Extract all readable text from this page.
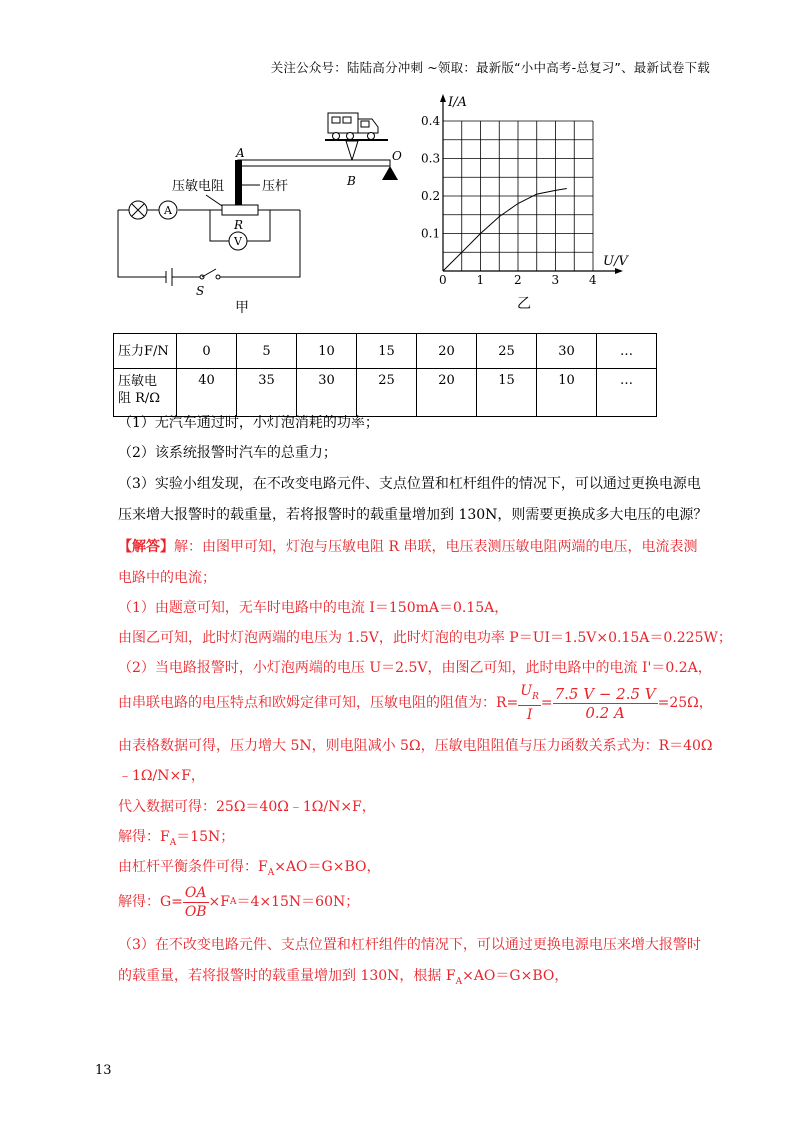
关注公众号：陆陆高分冲刺 ~领取：最新版“小中高考-总复习”、最新试卷下载
A
B
O
压杆
压敏电阻
R
A
V
S
甲
0 1 2 3 4
0.1
0.2
0.3
0.4
I/A
U/V
乙
压力F/N	0	5	10	15	20	25	30	…
压敏电
阻 R/Ω	40	35	30	25	20	15	10	…
（1）无汽车通过时，小灯泡消耗的功率；
（2）该系统报警时汽车的总重力；
（3）实验小组发现，在不改变电路元件、支点位置和杠杆组件的情况下，可以通过更换电源电
压来增大报警时的载重量，若将报警时的载重量增加到 130N，则需要更换成多大电压的电源？
【解答】解：由图甲可知，灯泡与压敏电阻 R 串联，电压表测压敏电阻两端的电压，电流表测
电路中的电流；
（1）由题意可知，无车时电路中的电流 I＝150mA＝0.15A，
由图乙可知，此时灯泡两端的电压为 1.5V，此时灯泡的电功率 P＝UI＝1.5V×0.15A＝0.225W；
（2）当电路报警时，小灯泡两端的电压 U＝2.5V，由图乙可知，此时电路中的电流 I'＝0.2A，
由串联电路的电压特点和欧姆定律可知，压敏电阻的阻值为：$R= \frac{U_R}{I} = \frac{7.5 V - 2.5 V}{0.2 A} =25\Omega$，
由表格数据可得，压力增大 5N，则电阻减小 5Ω，压敏电阻阻值与压力函数关系式为：R＝40Ω
﹣1Ω/N×F，
代入数据可得：25Ω＝40Ω﹣1Ω/N×F，
解得：$F_A=15N$；
由杠杆平衡条件可得：$F_A\times AO=G\times BO$，
解得：$G= \frac{OA}{OB} \times F$ A ＝4×15N＝60N；
（3）在不改变电路元件、支点位置和杠杆组件的情况下，可以通过更换电源电压来增大报警时
的载重量，若将报警时的载重量增加到 130N，根据 $F_A\times AO=G\times BO$，
13
